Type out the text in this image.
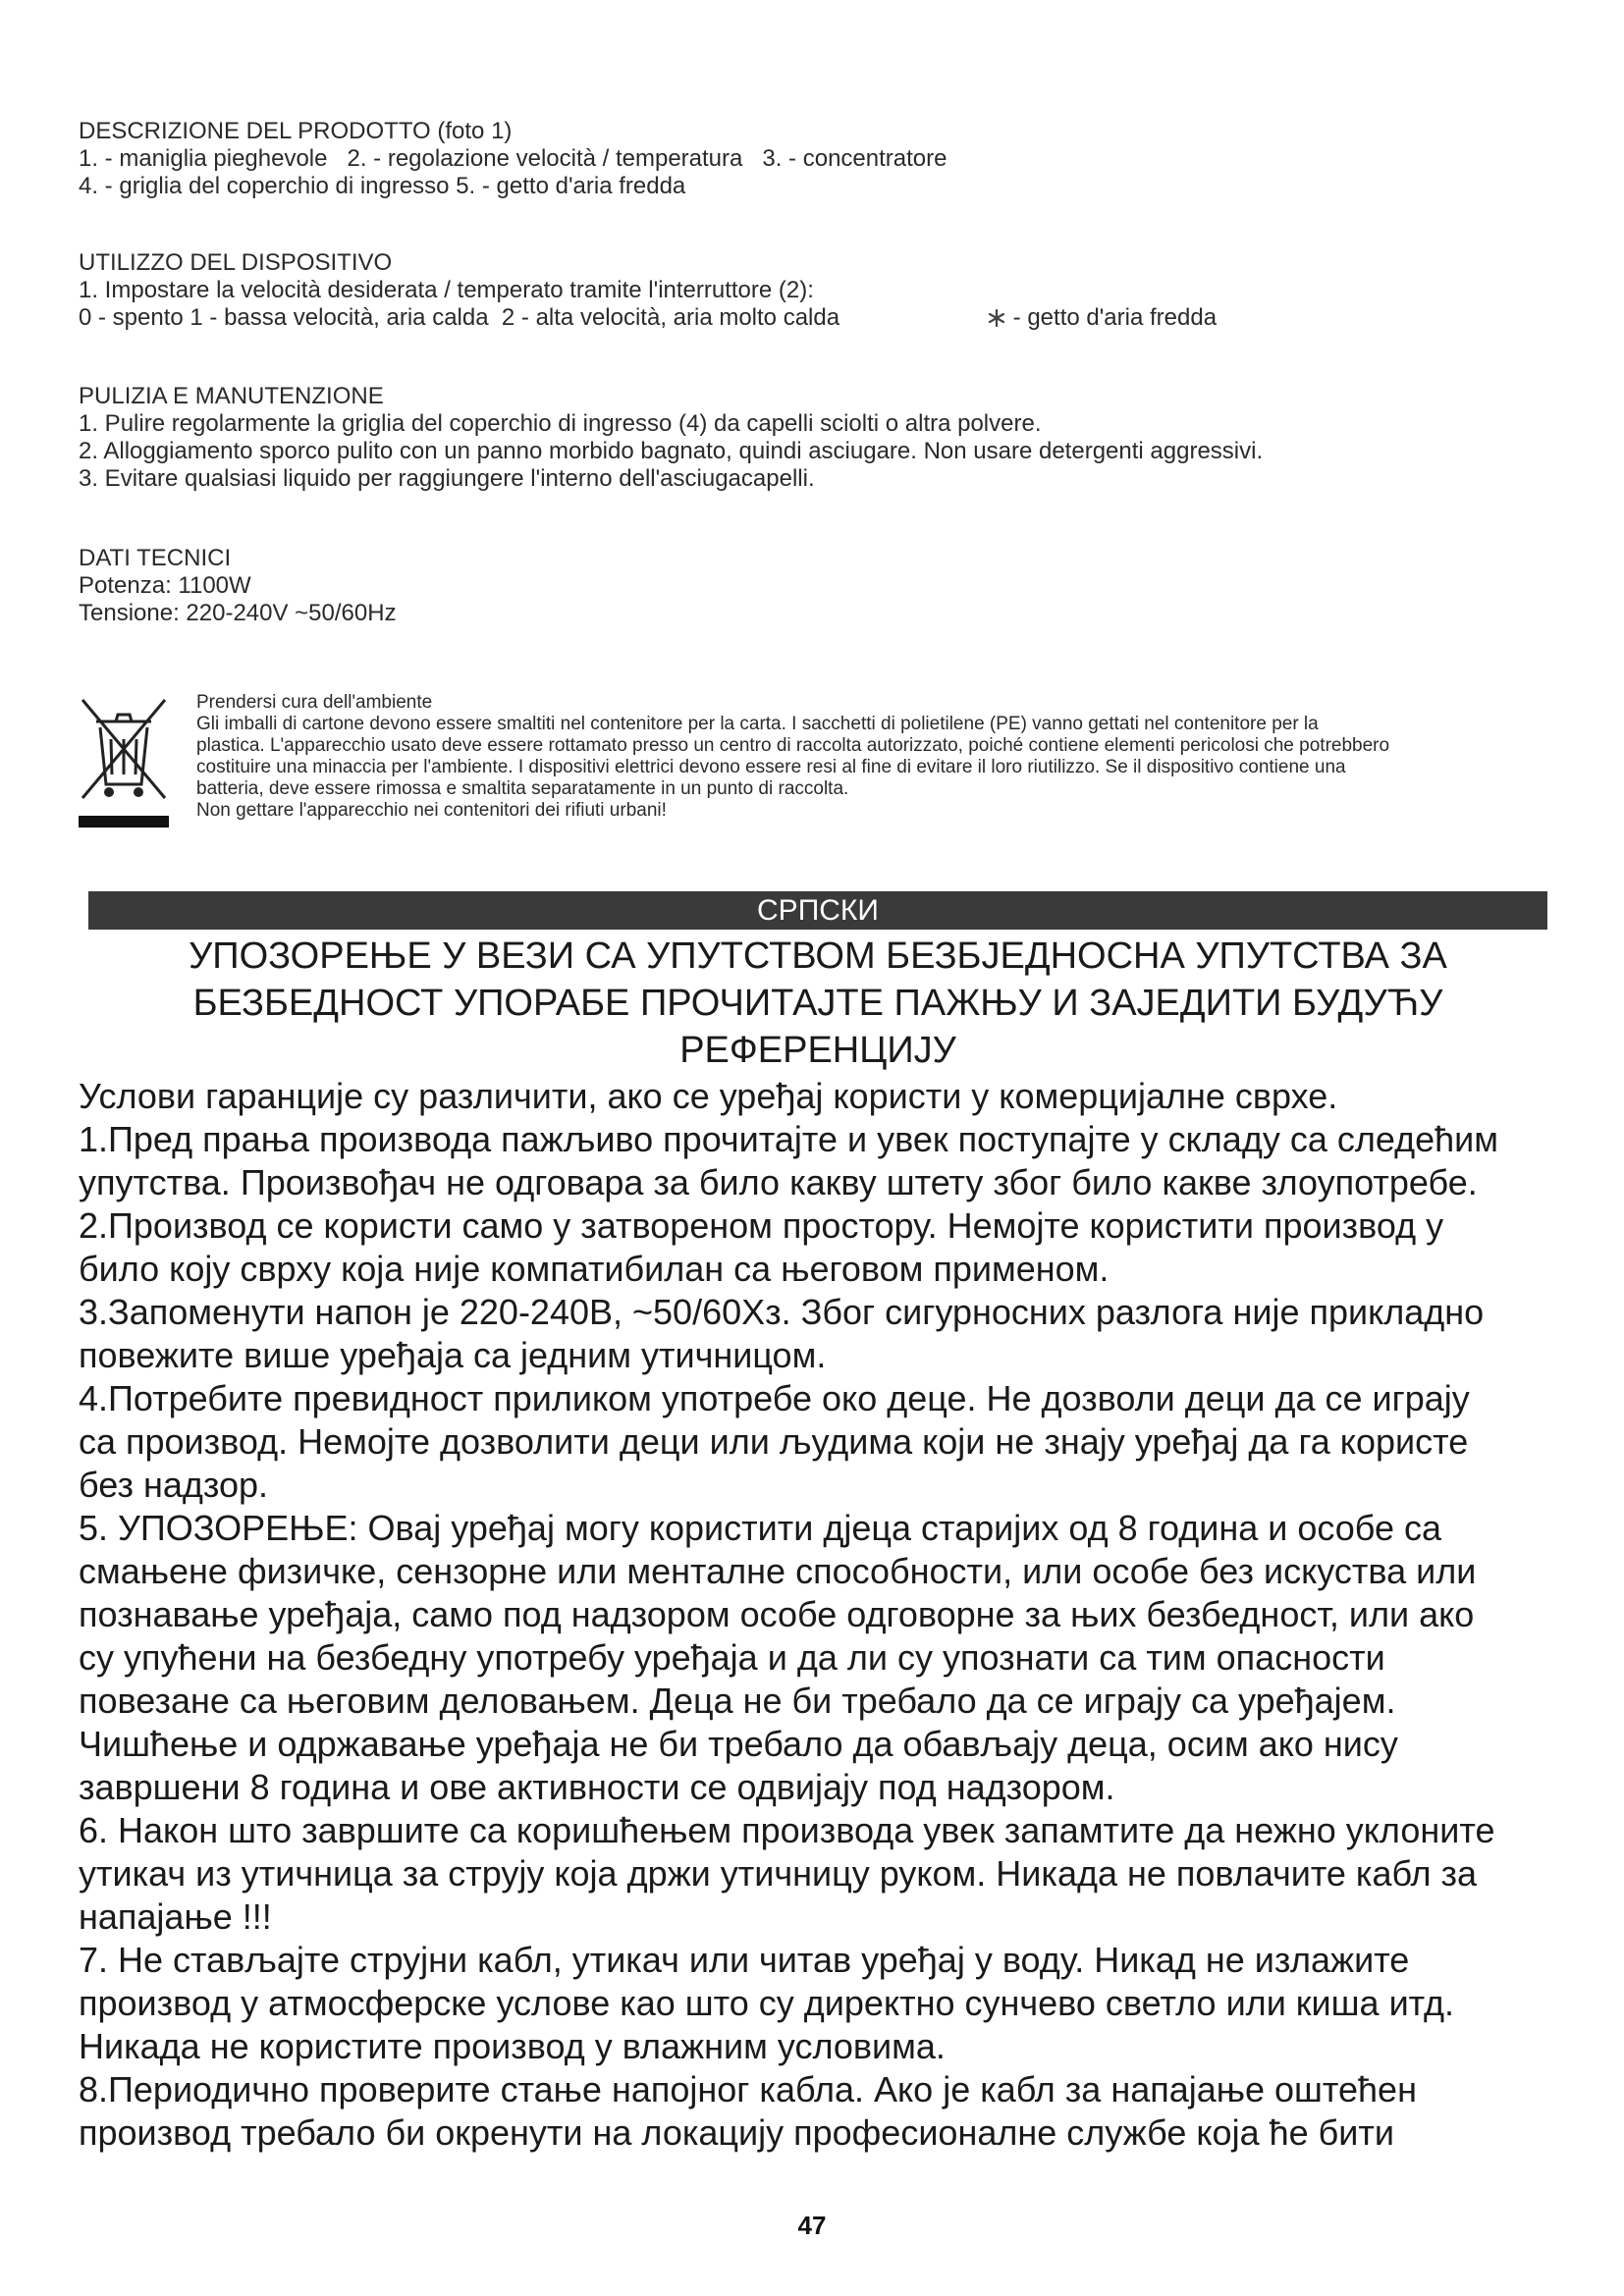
DESCRIZIONE DEL PRODOTTO (foto 1)
1. - maniglia pieghevole   2. - regolazione velocità / temperatura   3. - concentratore
4. - griglia del coperchio di ingresso 5. - getto d'aria fredda
UTILIZZO DEL DISPOSITIVO
1. Impostare la velocità desiderata / temperato tramite l'interruttore (2):
0 - spento 1 - bassa velocità, aria calda  2 - alta velocità, aria molto calda	- getto d'aria fredda
PULIZIA E MANUTENZIONE
1. Pulire regolarmente la griglia del coperchio di ingresso (4) da capelli sciolti o altra polvere.
2. Alloggiamento sporco pulito con un panno morbido bagnato, quindi asciugare. Non usare detergenti aggressivi.
3. Evitare qualsiasi liquido per raggiungere l'interno dell'asciugacapelli.
DATI TECNICI
Potenza: 1100W
Tensione: 220-240V ~50/60Hz
Prendersi cura dell'ambiente
Gli imballi di cartone devono essere smaltiti nel contenitore per la carta. I sacchetti di polietilene (PE) vanno gettati nel contenitore per la
plastica. L'apparecchio usato deve essere rottamato presso un centro di raccolta autorizzato, poiché contiene elementi pericolosi che potrebbero
costituire una minaccia per l'ambiente. I dispositivi elettrici devono essere resi al fine di evitare il loro riutilizzo. Se il dispositivo contiene una
batteria, deve essere rimossa e smaltita separatamente in un punto di raccolta.
Non gettare l'apparecchio nei contenitori dei rifiuti urbani!
СРПСКИ
УПОЗОРЕЊЕ У ВЕЗИ СА УПУТСТВОМ БЕЗБЈЕДНОСНА УПУТСТВА ЗА
БЕЗБЕДНОСТ УПОРАБЕ ПРОЧИТАЈТЕ ПАЖЊУ И ЗАЈЕДИТИ БУДУЋУ
РЕФЕРЕНЦИЈУ
Услови гаранције су различити, ако се уређај користи у комерцијалне сврхе.
1.Пред прања производа пажљиво прочитајте и увек поступајте у складу са следећим
упутства. Произвођач не одговара за било какву штету због било какве злоупотребе.
2.Производ се користи само у затвореном простору. Немојте користити производ у
било коју сврху која није компатибилан са његовом применом.
3.Запоменути напон је 220-240В, ~50/60Хз. Због сигурносних разлога није прикладно
повежите више уређаја са једним утичницом.
4.Потребите превидност приликом употребе око деце. Не дозволи деци да се играју
са производ. Немојте дозволити деци или људима који не знају уређај да га користе
без надзор.
5. УПОЗОРЕЊЕ: Овај уређај могу користити дјеца старијих од 8 година и особе са
смањене физичке, сензорне или менталне способности, или особе без искуства или
познавање уређаја, само под надзором особе одговорне за њих безбедност, или ако
су упућени на безбедну употребу уређаја и да ли су упознати са тим опасности
повезане са његовим деловањем. Деца не би требало да се играју са уређајем.
Чишћење и одржавање уређаја не би требало да обављају деца, осим ако нису
завршени 8 година и ове активности се одвијају под надзором.
6. Након што завршите са коришћењем производа увек запамтите да нежно уклоните
утикач из утичница за струју која држи утичницу руком. Никада не повлачите кабл за
напајање !!!
7. Не стављајте струјни кабл, утикач или читав уређај у воду. Никад не излажите
производ у атмосферске услове као што су директно сунчево светло или киша итд.
Никада не користите производ у влажним условима.
8.Периодично проверите стање напојног кабла. Ако је кабл за напајање оштећен
производ требало би окренути на локацију професионалне службе која ће бити
47
